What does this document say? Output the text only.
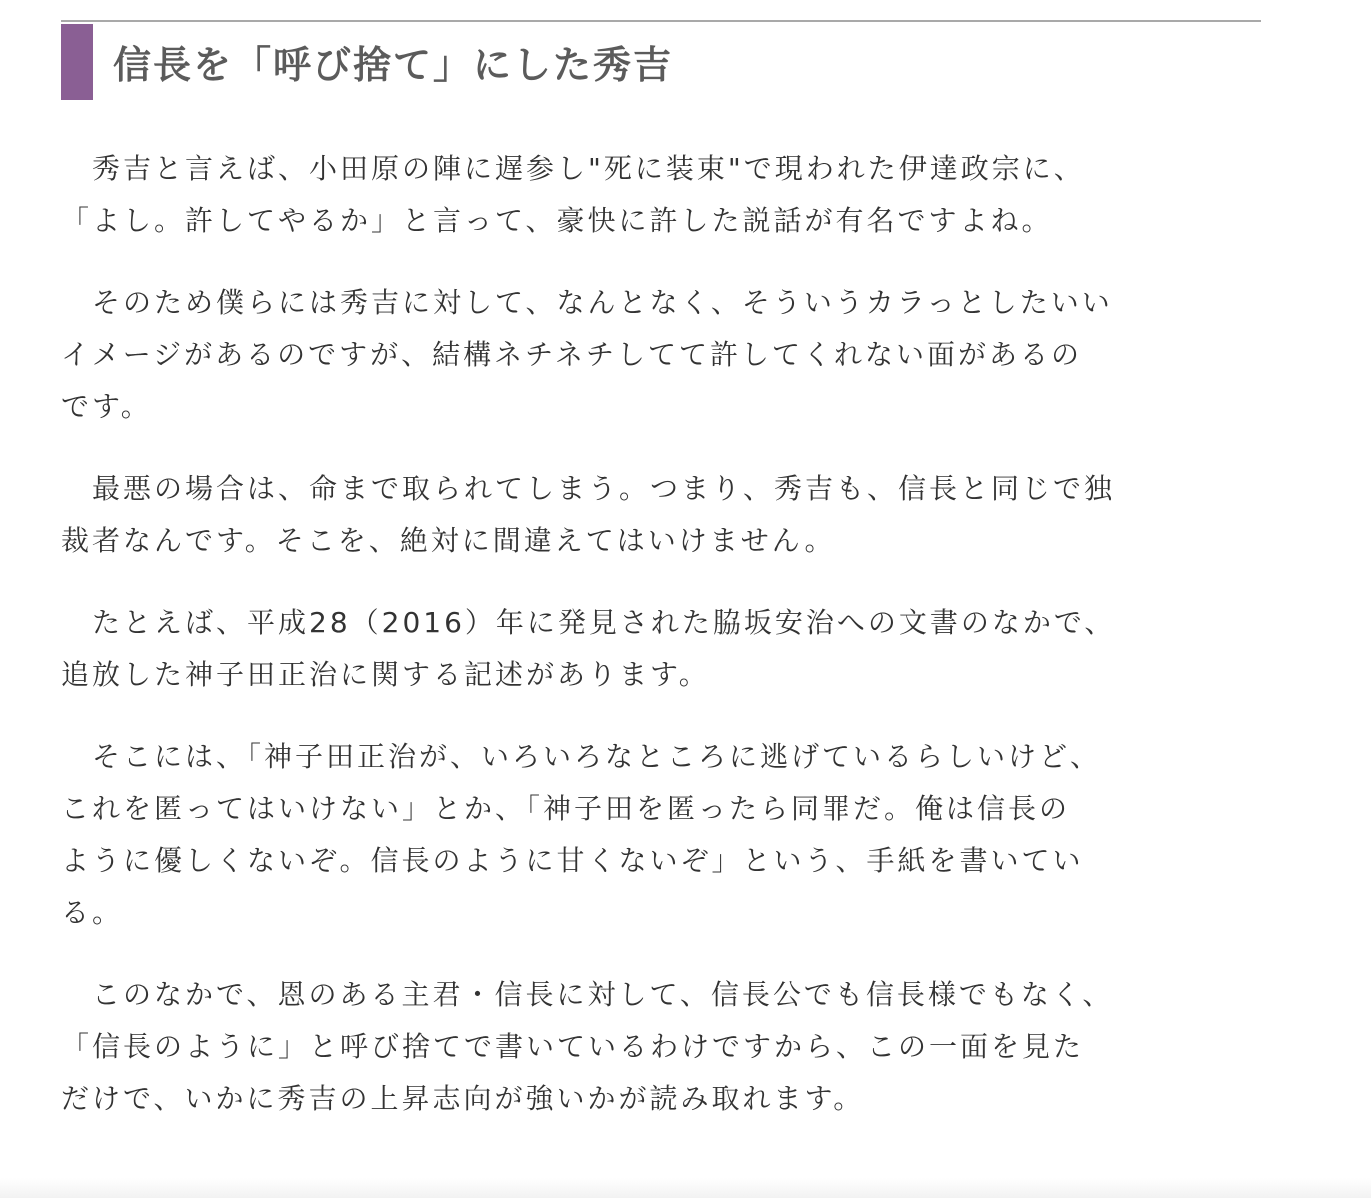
信長を「呼び捨て」にした秀吉

　秀吉と言えば、小田原の陣に遅参し"死に装束"で現われた伊達政宗に、
「よし。許してやるか」と言って、豪快に許した説話が有名ですよね。

　そのため僕らには秀吉に対して、なんとなく、そういうカラっとしたいい
イメージがあるのですが、結構ネチネチしてて許してくれない面があるの
です。

　最悪の場合は、命まで取られてしまう。つまり、秀吉も、信長と同じで独
裁者なんです。そこを、絶対に間違えてはいけません。

　たとえば、平成28（2016）年に発見された脇坂安治への文書のなかで、
追放した神子田正治に関する記述があります。

　そこには、「神子田正治が、いろいろなところに逃げているらしいけど、
これを匿ってはいけない」とか、「神子田を匿ったら同罪だ。俺は信長の
ように優しくないぞ。信長のように甘くないぞ」という、手紙を書いてい
る。

　このなかで、恩のある主君・信長に対して、信長公でも信長様でもなく、
「信長のように」と呼び捨てで書いているわけですから、この一面を見た
だけで、いかに秀吉の上昇志向が強いかが読み取れます。
